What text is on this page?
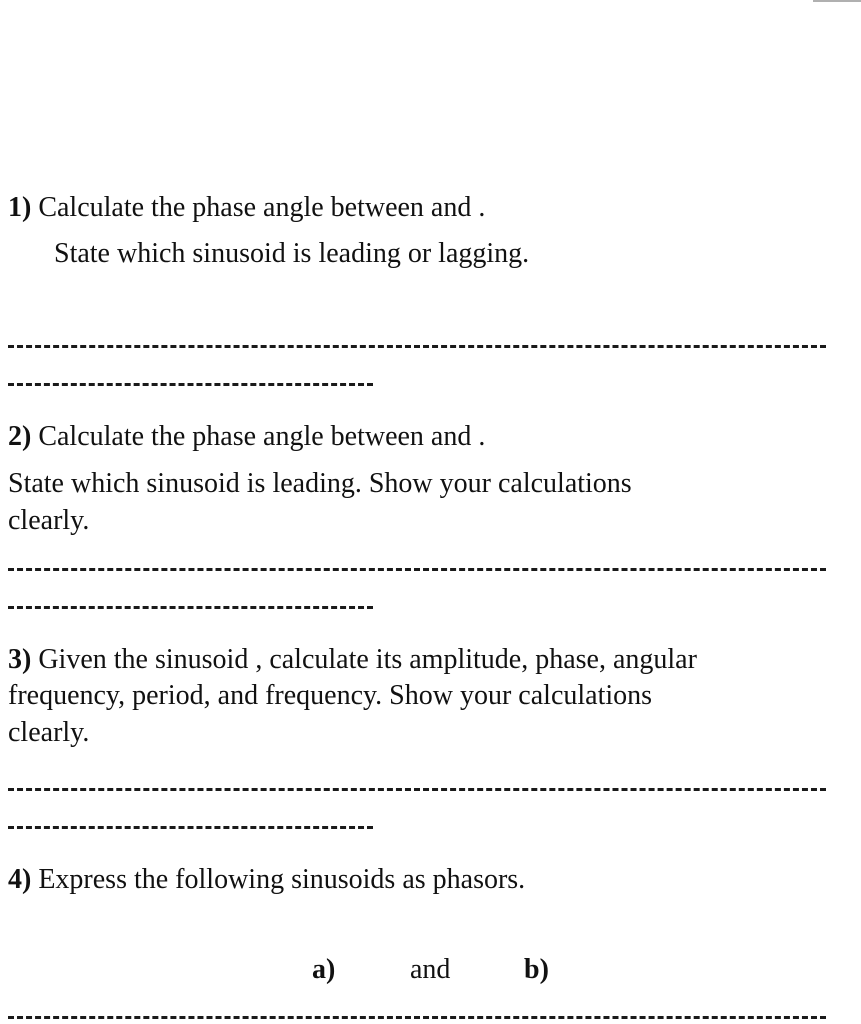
1) Calculate the phase angle between and .
State which sinusoid is leading or lagging.
2) Calculate the phase angle between and .
State which sinusoid is leading. Show your calculations
clearly.
3) Given the sinusoid , calculate its amplitude, phase, angular
frequency, period, and frequency. Show your calculations
clearly.
4) Express the following sinusoids as phasors.
a)	and	b)
